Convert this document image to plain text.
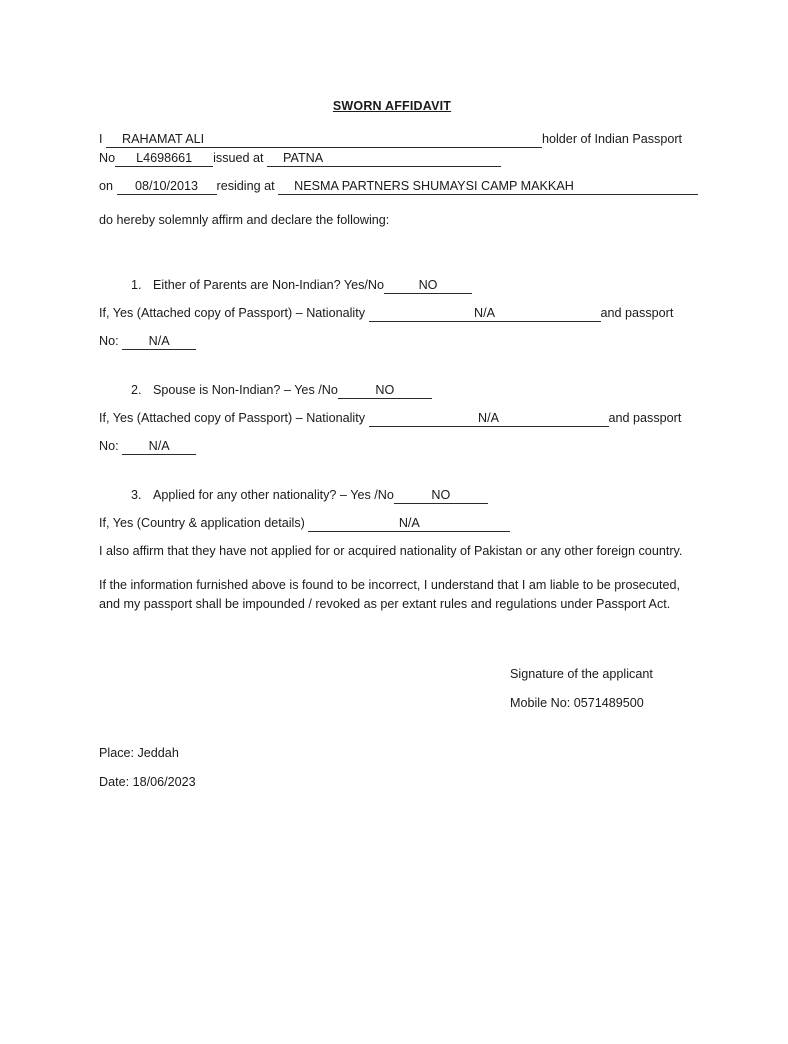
SWORN AFFIDAVIT
I RAHAMAT ALI	holder of Indian Passport
No L4698661 issued at PATNA
on 08/10/2013 residing at NESMA PARTNERS SHUMAYSI CAMP MAKKAH
do hereby solemnly affirm and declare the following:
1. Either of Parents are Non-Indian? Yes/No	NO
If, Yes (Attached copy of Passport) – Nationality	N/A	and passport
No: N/A
2. Spouse is Non-Indian? – Yes /No	NO
If, Yes (Attached copy of Passport) – Nationality	N/A	and passport
No: N/A
3. Applied for any other nationality? – Yes /No	NO
If, Yes (Country & application details)	N/A
I also affirm that they have not applied for or acquired nationality of Pakistan or any other foreign country.
If the information furnished above is found to be incorrect, I understand that I am liable to be prosecuted, and my passport shall be impounded / revoked as per extant rules and regulations under Passport Act.
Signature of the applicant
Mobile No: 0571489500
Place: Jeddah
Date: 18/06/2023
